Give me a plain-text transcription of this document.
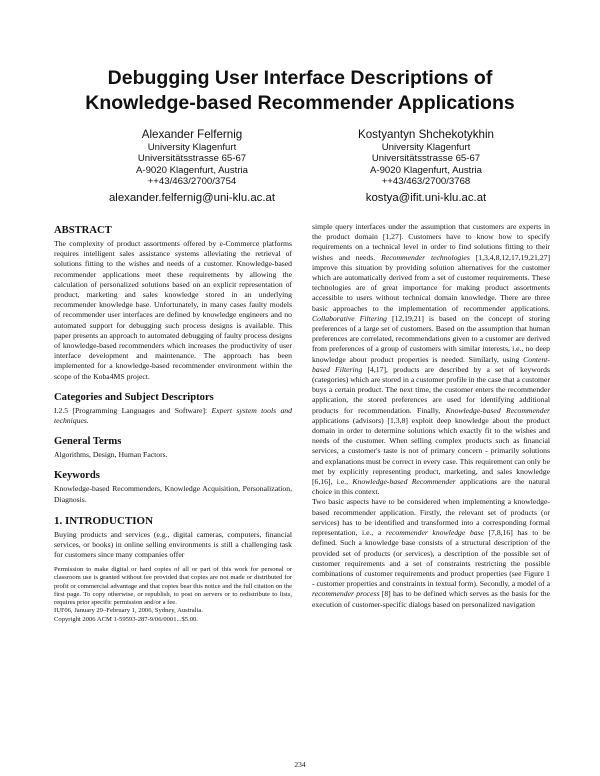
Debugging User Interface Descriptions of
Knowledge-based Recommender Applications
Alexander Felfernig
University Klagenfurt
Universitätsstrasse 65-67
A-9020 Klagenfurt, Austria
++43/463/2700/3754
alexander.felfernig@uni-klu.ac.at
Kostyantyn Shchekotykhin
University Klagenfurt
Universitätsstrasse 65-67
A-9020 Klagenfurt, Austria
++43/463/2700/3768
kostya@ifit.uni-klu.ac.at
ABSTRACT

The complexity of product assortments offered by e-Commerce platforms requires intelligent sales assistance systems alleviating the retrieval of solutions fitting to the wishes and needs of a customer. Knowledge-based recommender applications meet these requirements by allowing the calculation of personalized solutions based on an explicit representation of product, marketing and sales knowledge stored in an underlying recommender knowledge base. Unfortunately, in many cases faulty models of recommender user interfaces are defined by knowledge engineers and no automated support for debugging such process designs is available. This paper presents an approach to automated debugging of faulty process designs of knowledge-based recommenders which increases the productivity of user interface development and maintenance. The approach has been implemented for a knowledge-based recommender environment within the scope of the Koba4MS project.

Categories and Subject Descriptors

I.2.5 [Programming Languages and Software]: Expert system tools and techniques.

General Terms

Algorithms, Design, Human Factors.

Keywords

Knowledge-based Recommenders, Knowledge Acquisition, Personalization, Diagnosis.

1. INTRODUCTION

Buying products and services (e.g., digital cameras, computers, financial services, or books) in online selling environments is still a challenging task for customers since many companies offer

Permission to make digital or hard copies of all or part of this work for personal or classroom use is granted without fee provided that copies are not made or distributed for profit or commercial advantage and that copies bear this notice and the full citation on the first page. To copy otherwise, or republish, to post on servers or to redistribute to lists, requires prior specific permission and/or a fee.

IUI'06, January 29–February 1, 2006, Sydney, Australia.

Copyright 2006 ACM 1-59593-287-9/06/0001...$5.00.

simple query interfaces under the assumption that customers are experts in the product domain [1,27]. Customers have to know how to specify requirements on a technical level in order to find solutions fitting to their wishes and needs. Recommender technologies [1,3,4,8,12,17,19,21,27] improve this situation by providing solution alternatives for the customer which are automatically derived from a set of customer requirements. These technologies are of great importance for making product assortments accessible to users without technical domain knowledge. There are three basic approaches to the implementation of recommender applications. Collaborative Filtering [12,19,21] is based on the concept of storing preferences of a large set of customers. Based on the assumption that human preferences are correlated, recommendations given to a customer are derived from preferences of a group of customers with similar interests, i.e., no deep knowledge about product properties is needed. Similarly, using Content-based Filtering [4,17], products are described by a set of keywords (categories) which are stored in a customer profile in the case that a customer buys a certain product. The next time, the customer enters the recommender application, the stored preferences are used for identifying additional products for recommendation. Finally, Knowledge-based Recommender applications (advisors) [1,3,8] exploit deep knowledge about the product domain in order to determine solutions which exactly fit to the wishes and needs of the customer. When selling complex products such as financial services, a customer's taste is not of primary concern - primarily solutions and explanations must be correct in every case. This requirement can only be met by explicitly representing product, marketing, and sales knowledge [6,16], i.e., Knowledge-based Recommender applications are the natural choice in this context.

Two basic aspects have to be considered when implementing a knowledge-based recommender application. Firstly, the relevant set of products (or services) has to be identified and transformed into a corresponding formal representation, i.e., a recommender knowledge base [7,8,16] has to be defined. Such a knowledge base consists of a structural description of the provided set of products (or services), a description of the possible set of customer requirements and a set of constraints restricting the possible combinations of customer requirements and product properties (see Figure 1 - customer properties and constraints in textual form). Secondly, a model of a recommender process [8] has to be defined which serves as the basis for the execution of customer-specific dialogs based on personalized navigation

234
